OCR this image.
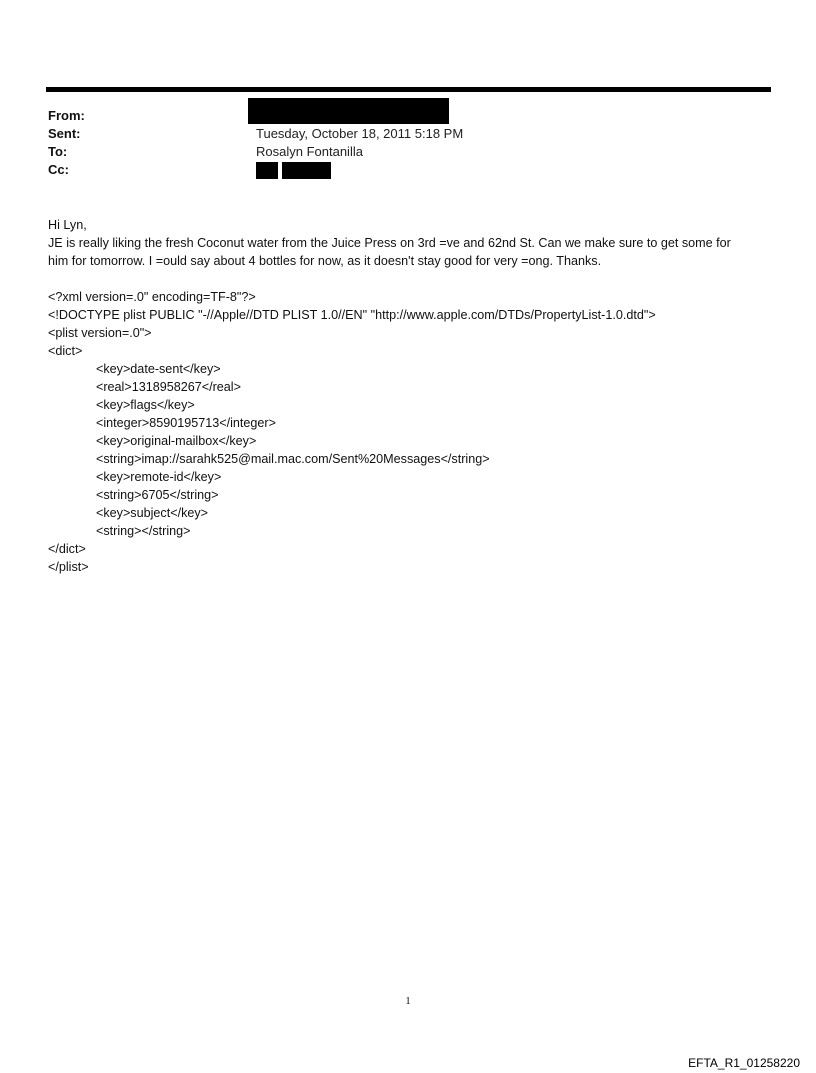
From:
Sent:	Tuesday, October 18, 2011 5:18 PM
To:	Rosalyn Fontanilla
Cc:
Hi Lyn,
JE is really liking the fresh Coconut water from the Juice Press on 3rd =ve and 62nd St. Can we make sure to get some for
him for tomorrow. I =ould say about 4 bottles for now, as it doesn't stay good for very =ong. Thanks.
<?xml version=.0" encoding=TF-8"?>
<!DOCTYPE plist PUBLIC "-//Apple//DTD PLIST 1.0//EN" "http://www.apple.com/DTDs/PropertyList-1.0.dtd">
<plist version=.0">
<dict>
<key>date-sent</key>
<real>1318958267</real>
<key>flags</key>
<integer>8590195713</integer>
<key>original-mailbox</key>
<string>imap://sarahk525@mail.mac.com/Sent%20Messages</string>
<key>remote-id</key>
<string>6705</string>
<key>subject</key>
<string></string>
</dict>
</plist>
1
EFTA_R1_01258220
